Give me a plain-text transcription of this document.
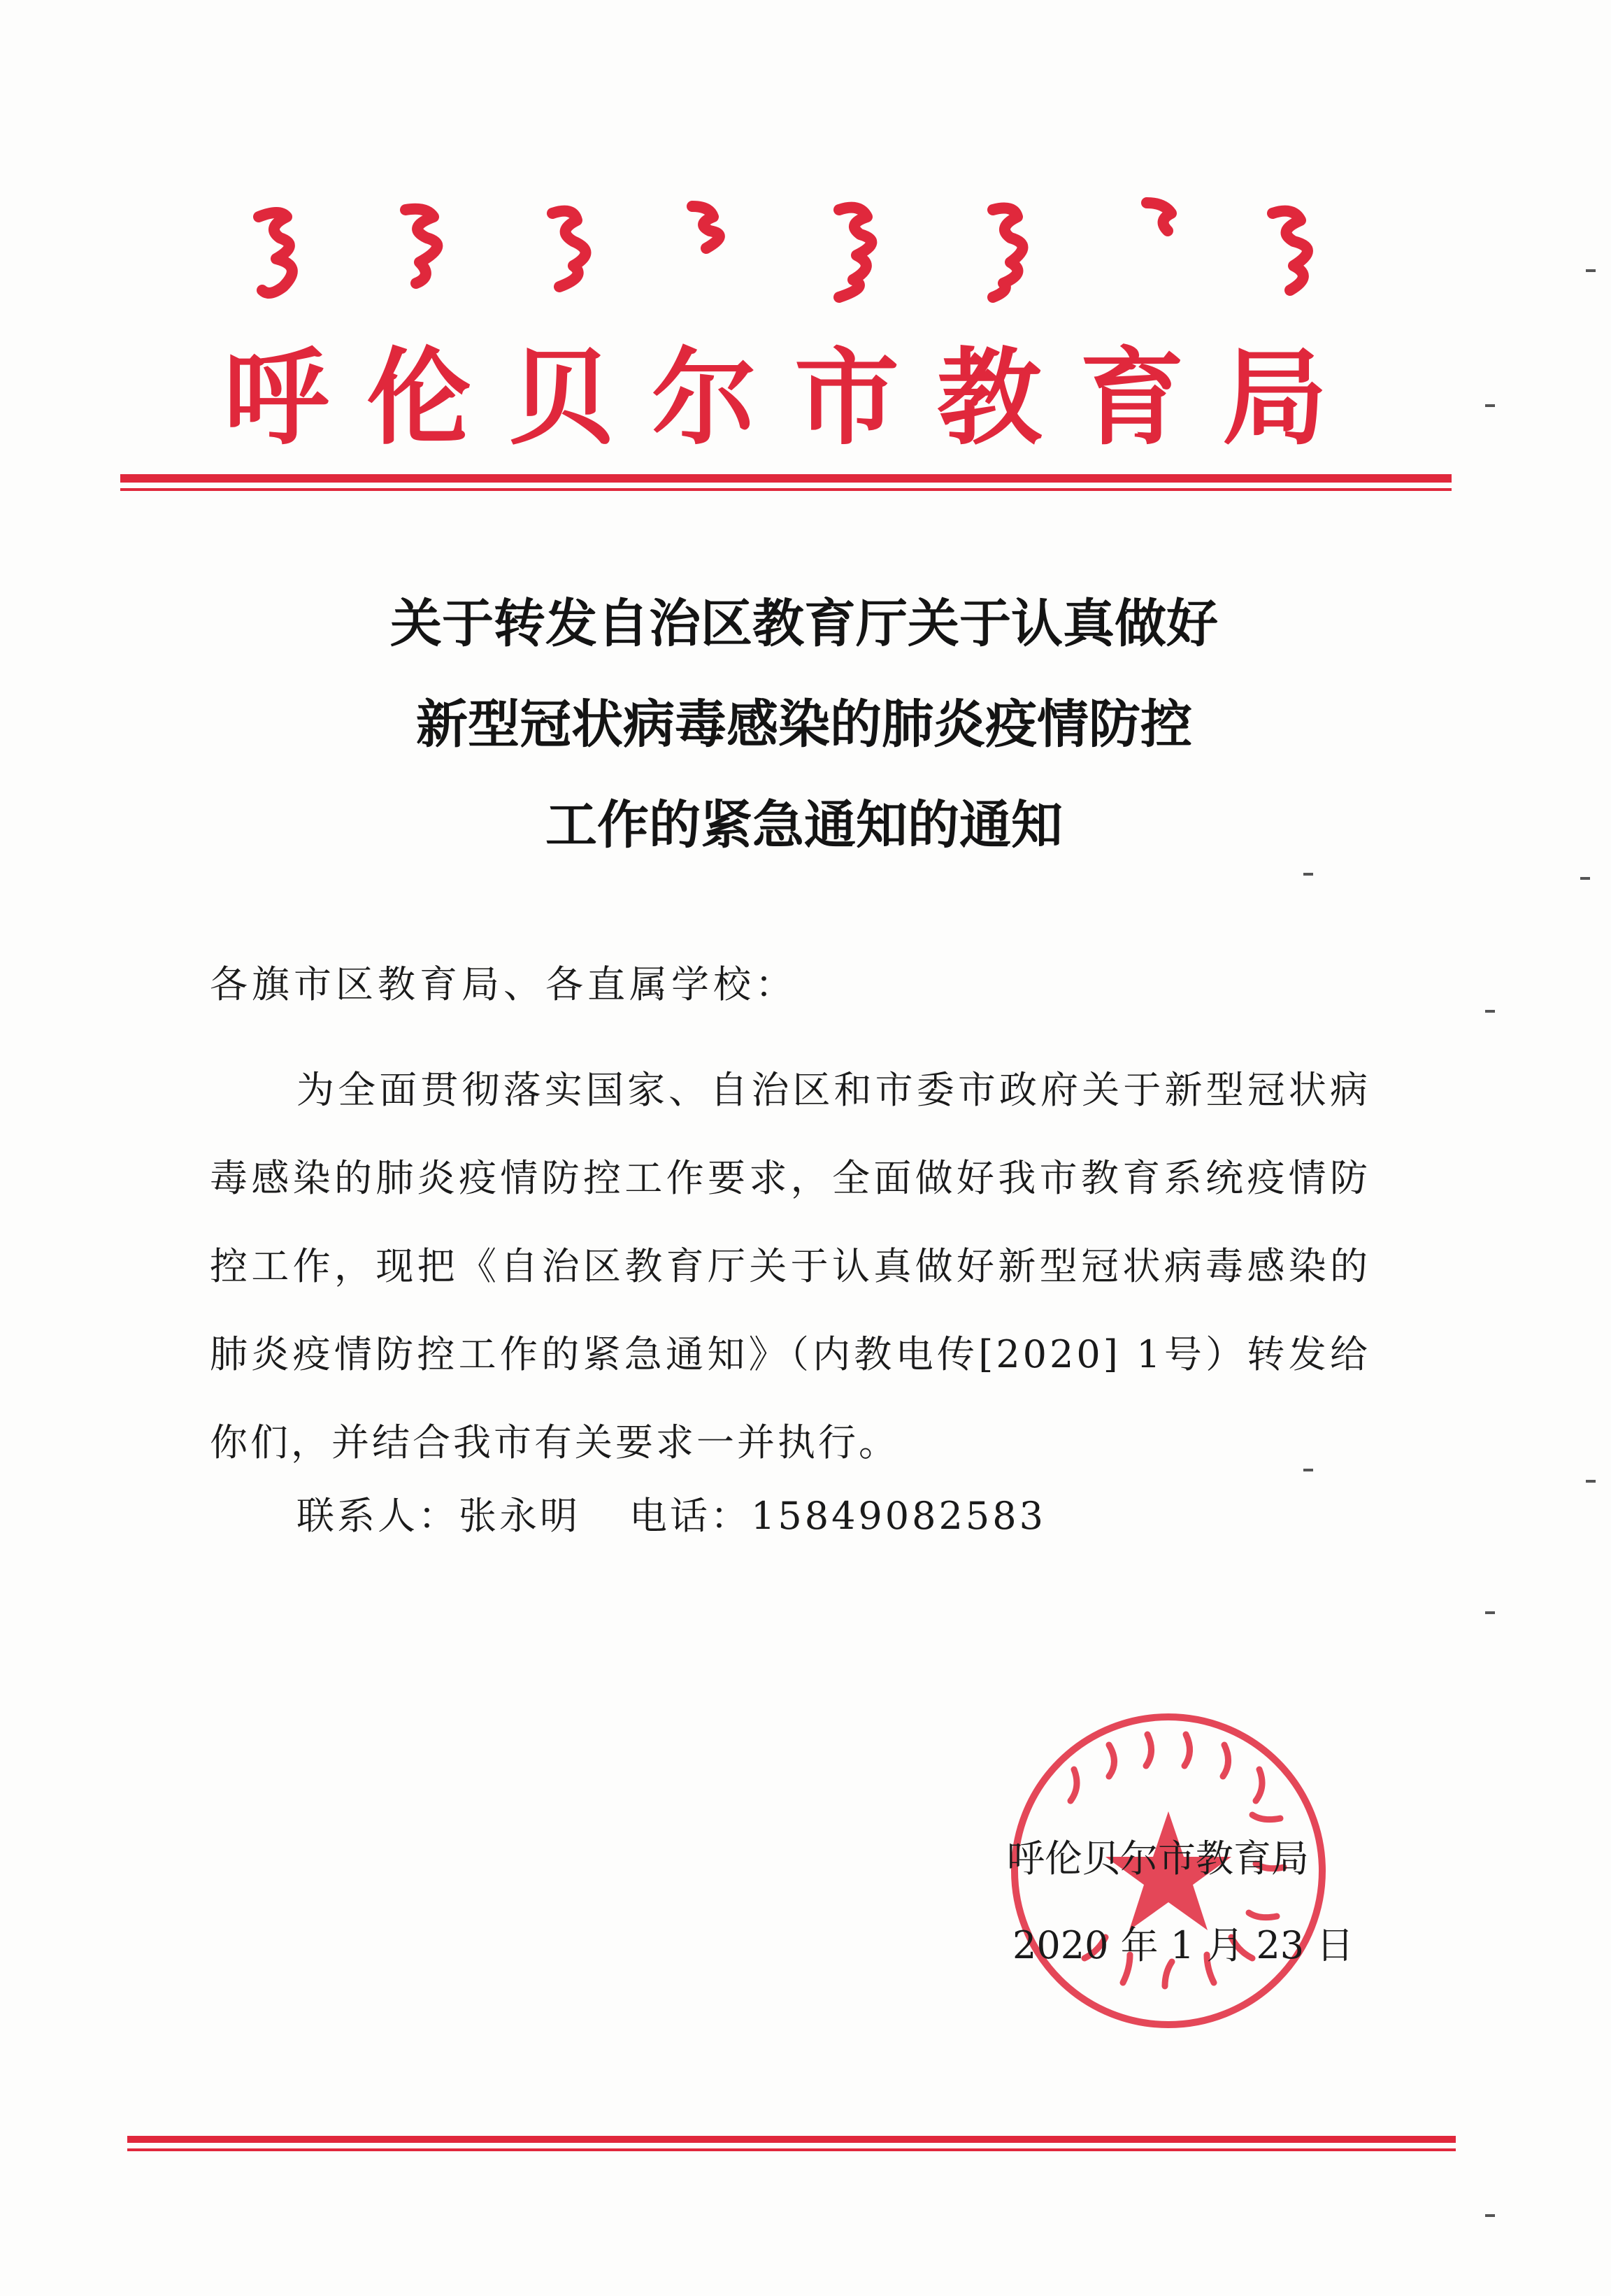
呼伦贝尔市教育局
关于转发自治区教育厅关于认真做好
新型冠状病毒感染的肺炎疫情防控
工作的紧急通知的通知
各旗市区教育局、各直属学校：

为全面贯彻落实国家、自治区和市委市政府关于新型冠状病毒感染的肺炎疫情防控工作要求，全面做好我市教育系统疫情防控工作，现把《自治区教育厅关于认真做好新型冠状病毒感染的肺炎疫情防控工作的紧急通知》（内教电传[2020] 1号）转发给你们，并结合我市有关要求一并执行。

联系人：张永明 电话：15849082583
呼伦贝尔市教育局
2020 年 1 月 23 日
